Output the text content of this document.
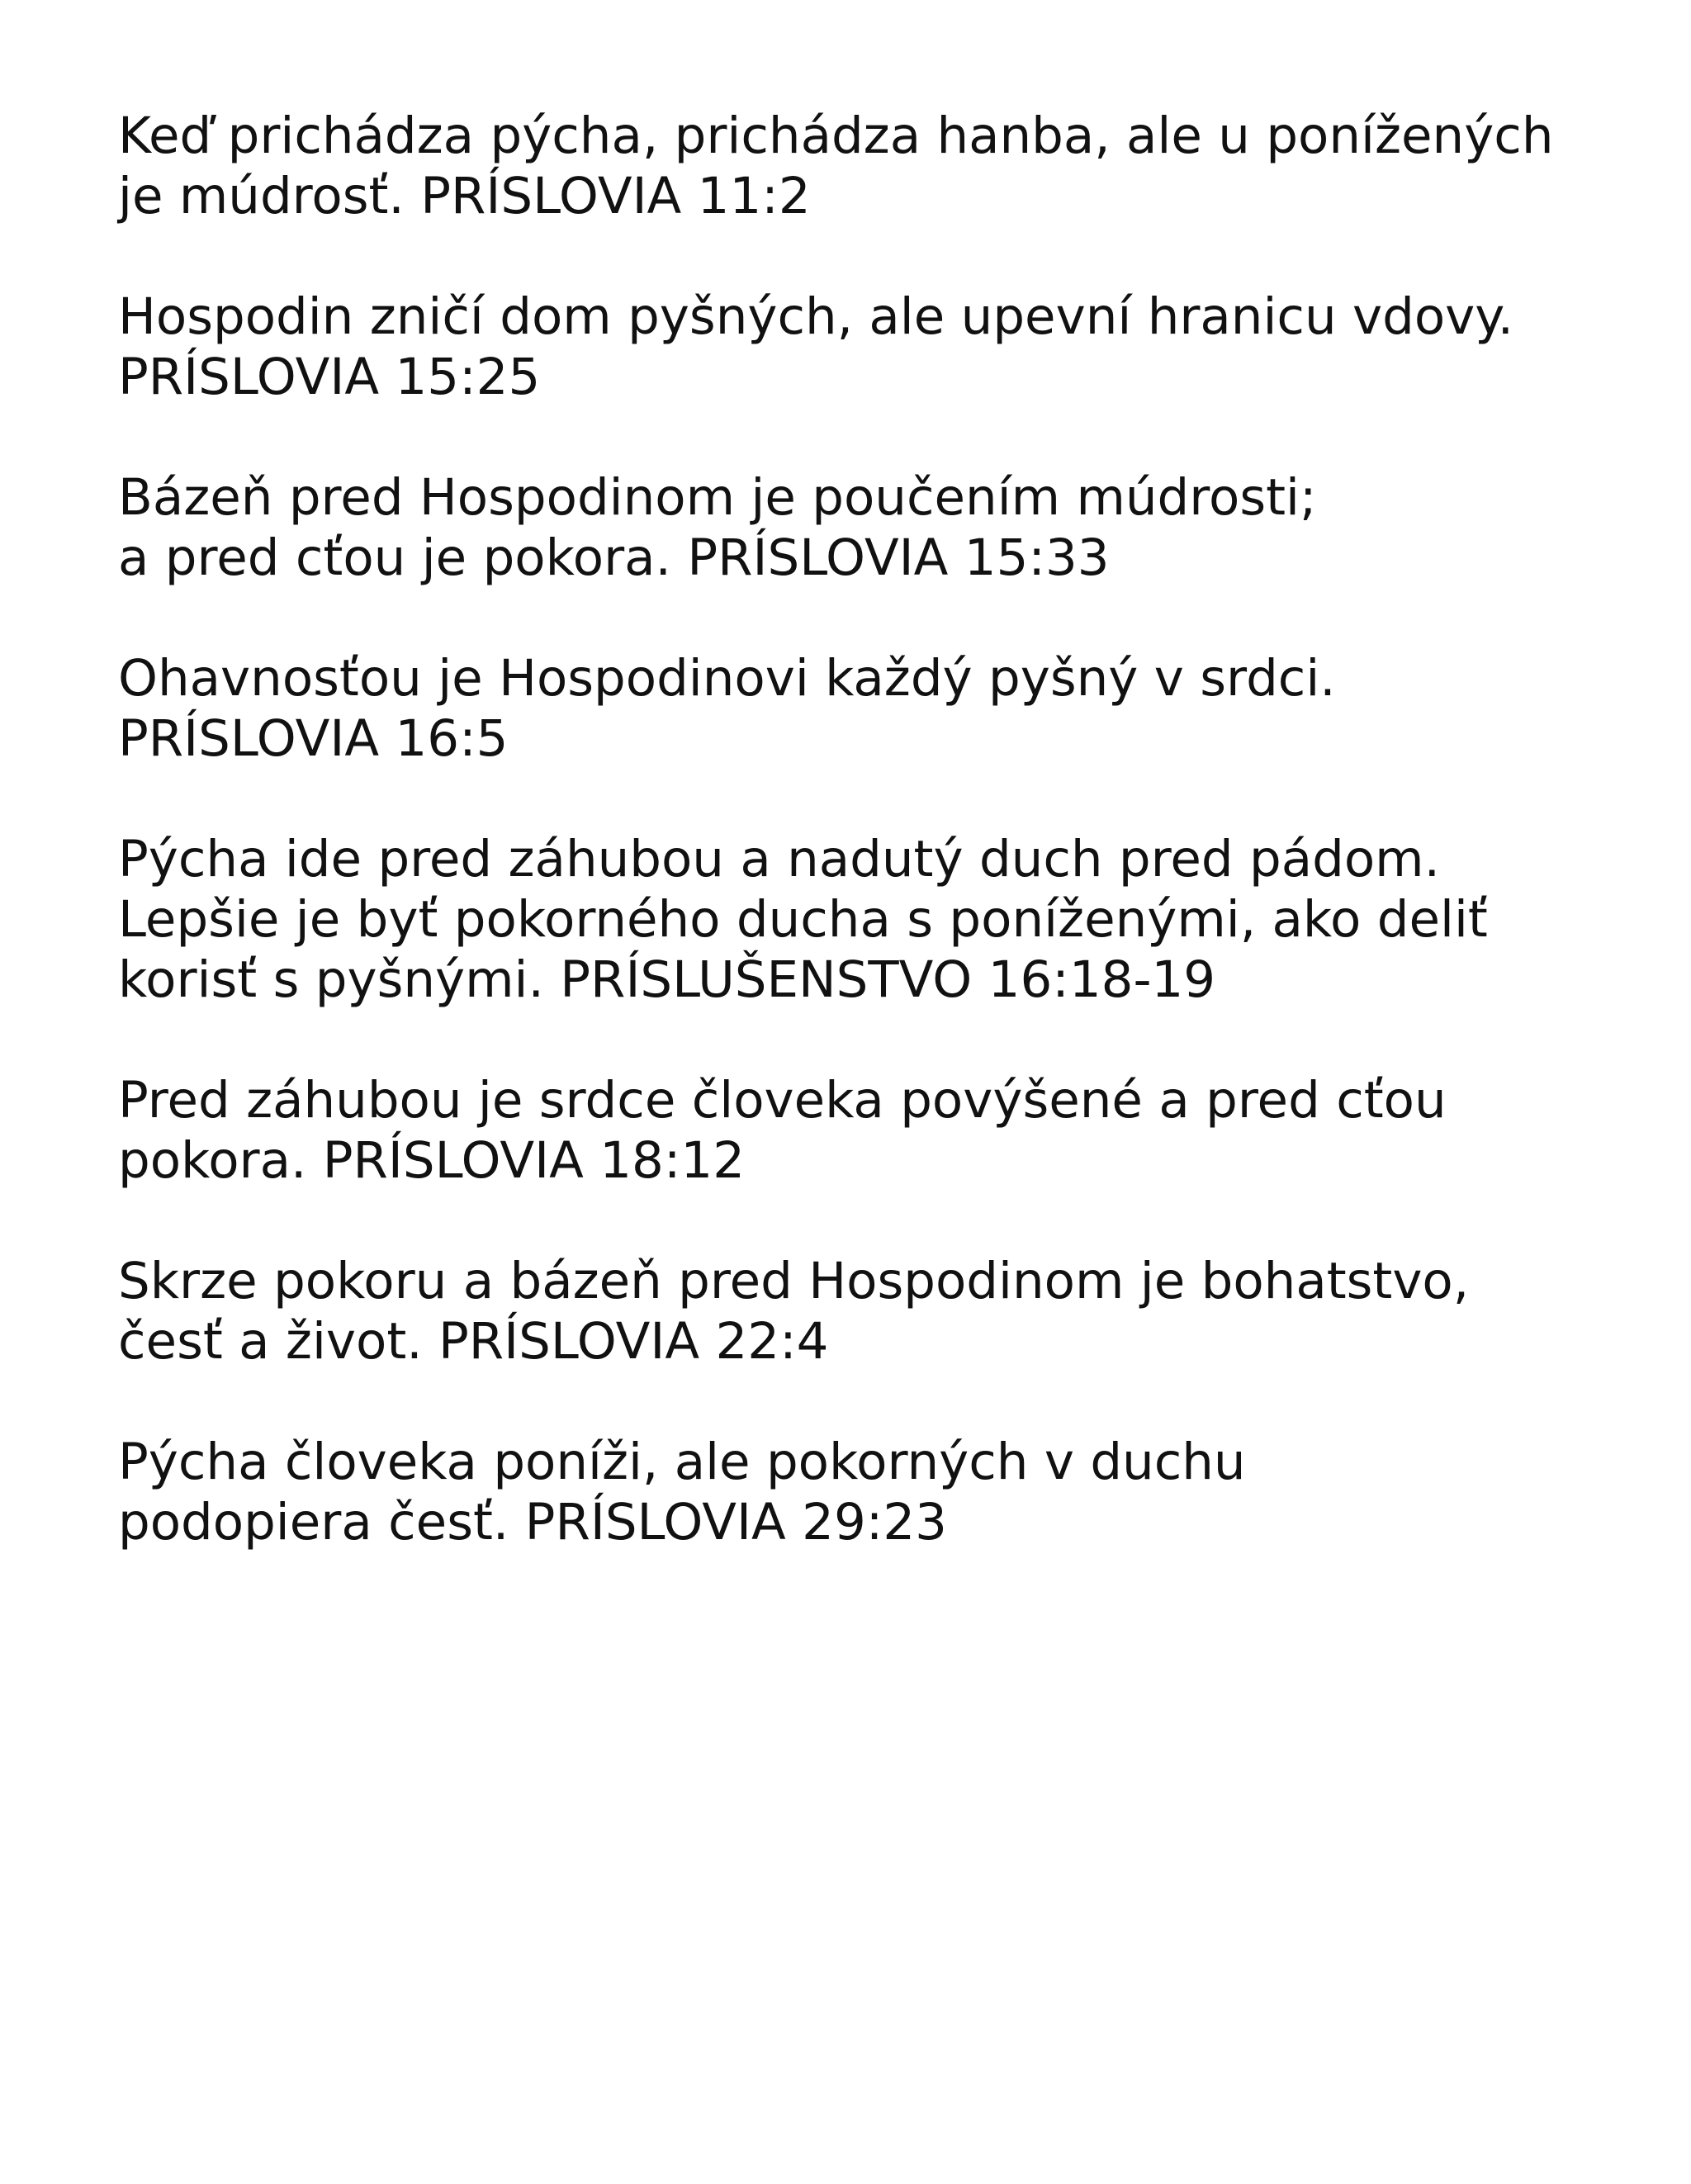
Keď prichádza pýcha, prichádza hanba, ale u ponížených
je múdrosť. PRÍSLOVIA 11:2

Hospodin zničí dom pyšných, ale upevní hranicu vdovy.
PRÍSLOVIA 15:25

Bázeň pred Hospodinom je poučením múdrosti;
a pred cťou je pokora. PRÍSLOVIA 15:33

Ohavnosťou je Hospodinovi každý pyšný v srdci.
PRÍSLOVIA 16:5

Pýcha ide pred záhubou a nadutý duch pred pádom.
Lepšie je byť pokorného ducha s poníženými, ako deliť
korisť s pyšnými. PRÍSLUŠENSTVO 16:18-19

Pred záhubou je srdce človeka povýšené a pred cťou
pokora. PRÍSLOVIA 18:12

Skrze pokoru a bázeň pred Hospodinom je bohatstvo,
česť a život. PRÍSLOVIA 22:4

Pýcha človeka poníži, ale pokorných v duchu
podopiera česť. PRÍSLOVIA 29:23
